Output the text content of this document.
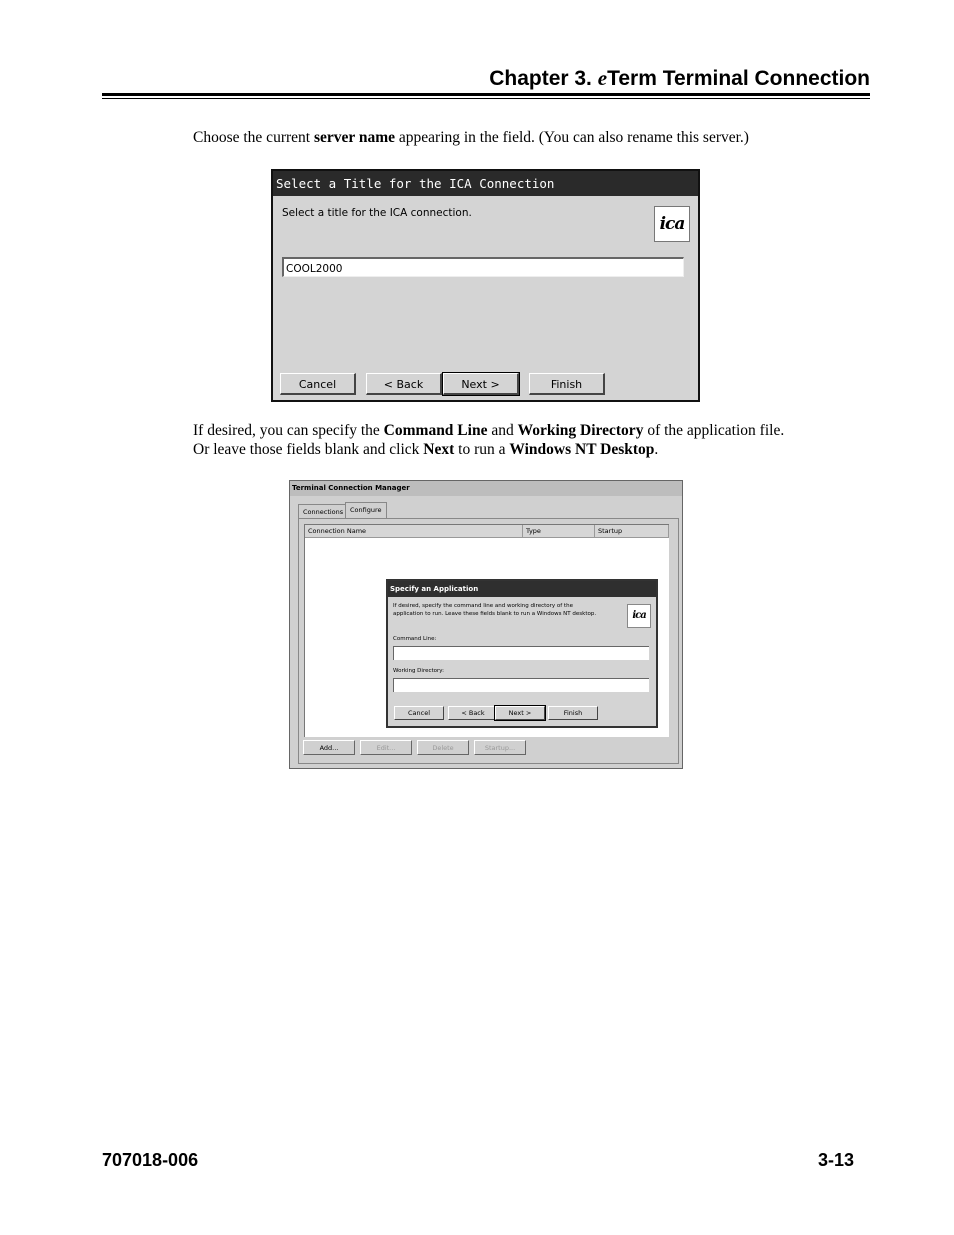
Chapter 3. eTerm Terminal Connection
Choose the current server name appearing in the field. (You can also rename this server.)
Select a Title for the ICA Connection
Select a title for the ICA connection.
ica
COOL2000
Cancel	< Back	Next >	Finish
If desired, you can specify the Command Line and Working Directory of the application file. Or leave those fields blank and click Next to run a Windows NT Desktop.
Terminal Connection Manager
Connections	Configure
Connection Name	Type	Startup
Add...	Edit...	Delete	Startup...
Specify an Application
If desired, specify the command line and working directory of the application to run. Leave these fields blank to run a Windows NT desktop.	ica
Command Line:
Working Directory:
Cancel	< Back	Next >	Finish
707018-006	3-13
